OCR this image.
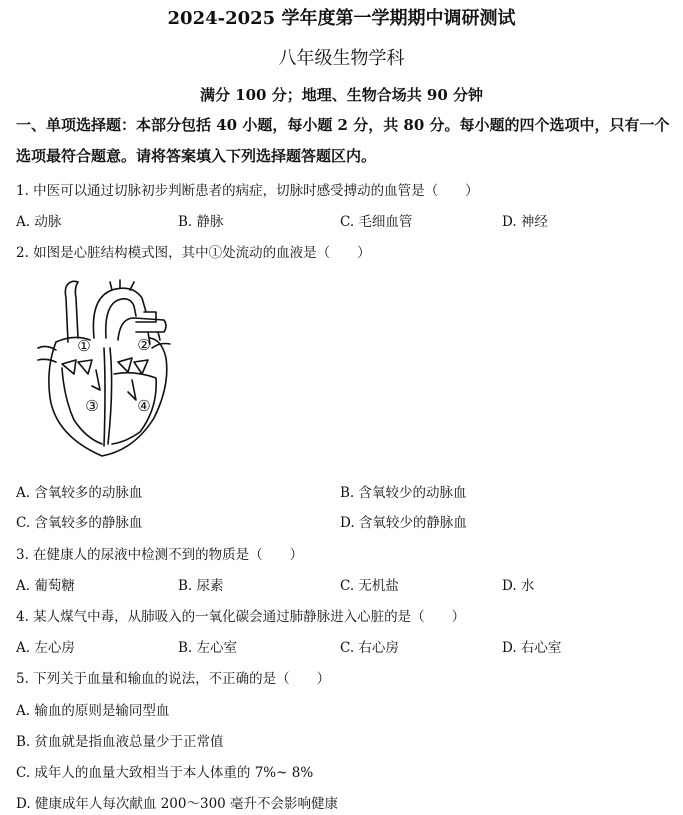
2024-2025 学年度第一学期期中调研测试
八年级生物学科
满分 100 分；地理、生物合场共 90 分钟
一、单项选择题：本部分包括 40 小题，每小题 2 分，共 80 分。每小题的四个选项中，只有一个选项最符合题意。请将答案填入下列选择题答题区内。
1. 中医可以通过切脉初步判断患者的病症，切脉时感受搏动的血管是（　　）
A. 动脉	B. 静脉	C. 毛细血管	D. 神经
2. 如图是心脏结构模式图，其中①处流动的血液是（　　）
①	②
③	④
A. 含氧较多的动脉血	B. 含氧较少的动脉血
C. 含氧较多的静脉血	D. 含氧较少的静脉血
3. 在健康人的尿液中检测不到的物质是（　　）
A. 葡萄糖	B. 尿素	C. 无机盐	D. 水
4. 某人煤气中毒，从肺吸入的一氧化碳会通过肺静脉进入心脏的是（　　）
A. 左心房	B. 左心室	C. 右心房	D. 右心室
5. 下列关于血量和输血的说法，不正确的是（　　）
A. 输血的原则是输同型血
B. 贫血就是指血液总量少于正常值
C. 成年人的血量大致相当于本人体重的 7%~ 8%
D. 健康成年人每次献血 200～300 毫升不会影响健康
